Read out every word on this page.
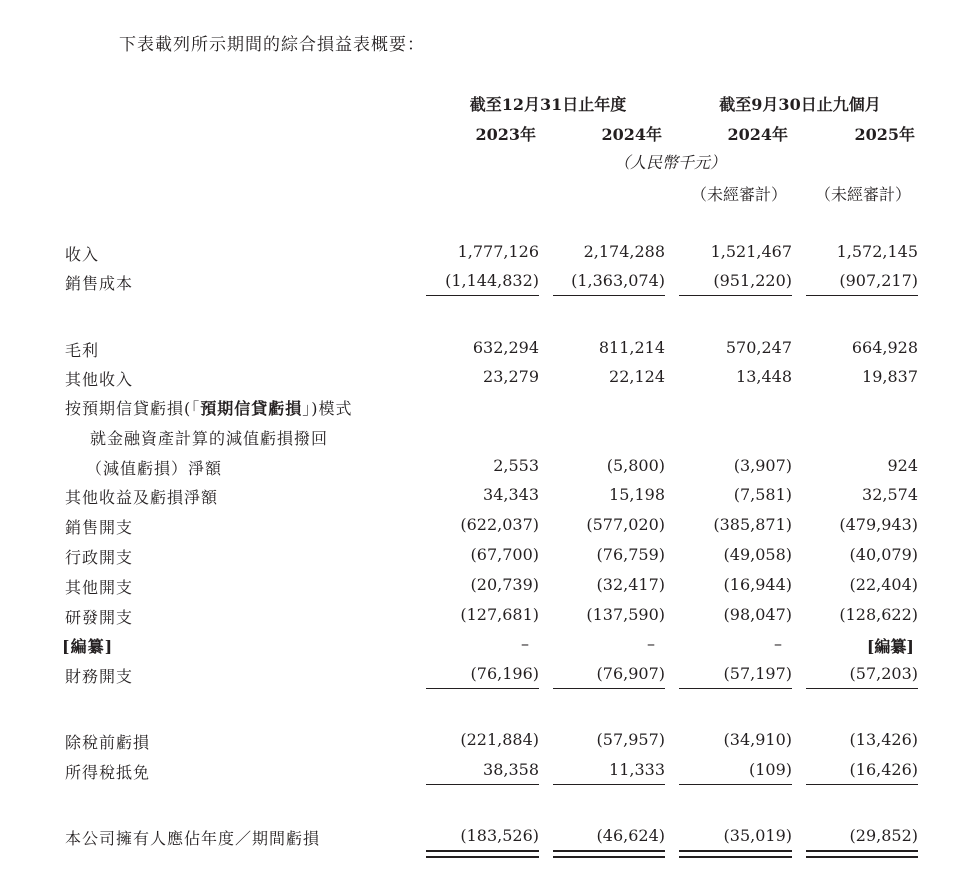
下表載列所示期間的綜合損益表概要：
截至12月31日止年度	截至9月30日止九個月
2023年	2024年	2024年	2025年
（人民幣千元）
（未經審計）	（未經審計）
收入	1,777,126	2,174,288	1,521,467	1,572,145
銷售成本	(1,144,832) (1,363,074)	(951,220)	(907,217)
毛利	632,294	811,214	570,247	664,928
其他收入	23,279	22,124	13,448	19,837
按預期信貸虧損(「預期信貸虧損」)模式
就金融資產計算的減值虧損撥回
（減值虧損）淨額	2,553	(5,800)	(3,907)	924
其他收益及虧損淨額	34,343	15,198	(7,581)	32,574
銷售開支	(622,037)	(577,020)	(385,871)	(479,943)
行政開支	(67,700)	(76,759)	(49,058)	(40,079)
其他開支	(20,739)	(32,417)	(16,944)	(22,404)
研發開支	(127,681)	(137,590)	(98,047)	(128,622)
[編纂]	–	–	–	[編纂]
財務開支	(76,196)	(76,907)	(57,197)	(57,203)
除稅前虧損	(221,884)	(57,957)	(34,910)	(13,426)
所得稅抵免	38,358	11,333	(109)	(16,426)
本公司擁有人應佔年度／期間虧損	(183,526)	(46,624)	(35,019)	(29,852)
